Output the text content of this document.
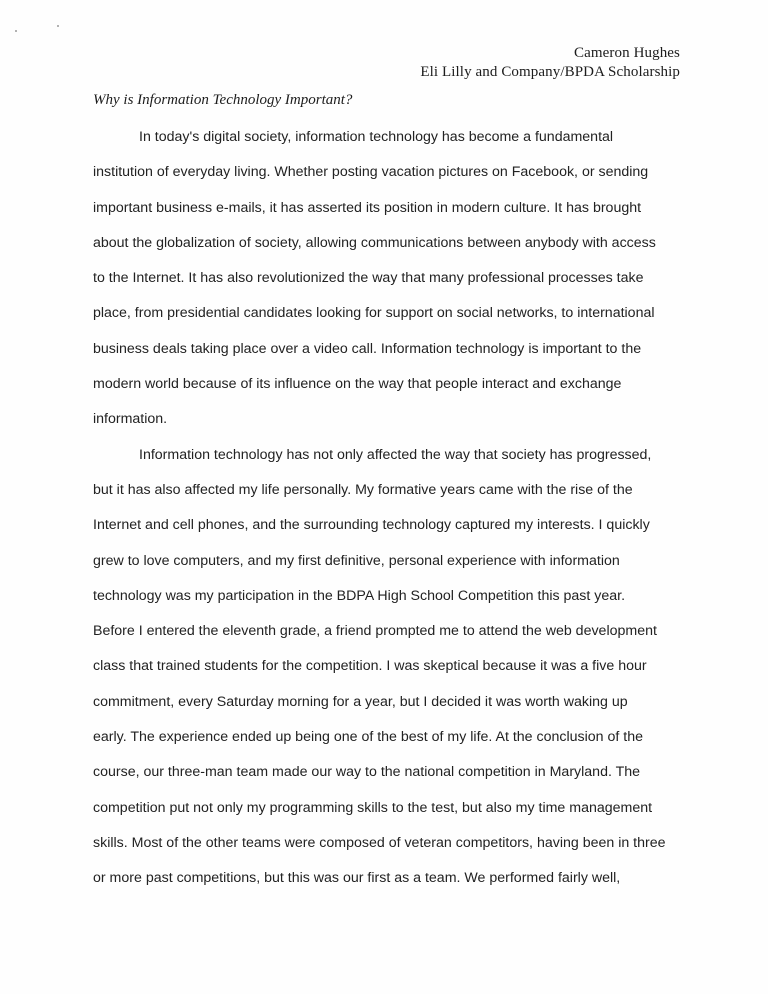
Cameron Hughes
Eli Lilly and Company/BPDA Scholarship
Why is Information Technology Important?
In today's digital society, information technology has become a fundamental
institution of everyday living. Whether posting vacation pictures on Facebook, or sending
important business e-mails, it has asserted its position in modern culture. It has brought
about the globalization of society, allowing communications between anybody with access
to the Internet. It has also revolutionized the way that many professional processes take
place, from presidential candidates looking for support on social networks, to international
business deals taking place over a video call. Information technology is important to the
modern world because of its influence on the way that people interact and exchange
information.
Information technology has not only affected the way that society has progressed,
but it has also affected my life personally. My formative years came with the rise of the
Internet and cell phones, and the surrounding technology captured my interests. I quickly
grew to love computers, and my first definitive, personal experience with information
technology was my participation in the BDPA High School Competition this past year.
Before I entered the eleventh grade, a friend prompted me to attend the web development
class that trained students for the competition. I was skeptical because it was a five hour
commitment, every Saturday morning for a year, but I decided it was worth waking up
early. The experience ended up being one of the best of my life. At the conclusion of the
course, our three-man team made our way to the national competition in Maryland. The
competition put not only my programming skills to the test, but also my time management
skills. Most of the other teams were composed of veteran competitors, having been in three
or more past competitions, but this was our first as a team. We performed fairly well,
